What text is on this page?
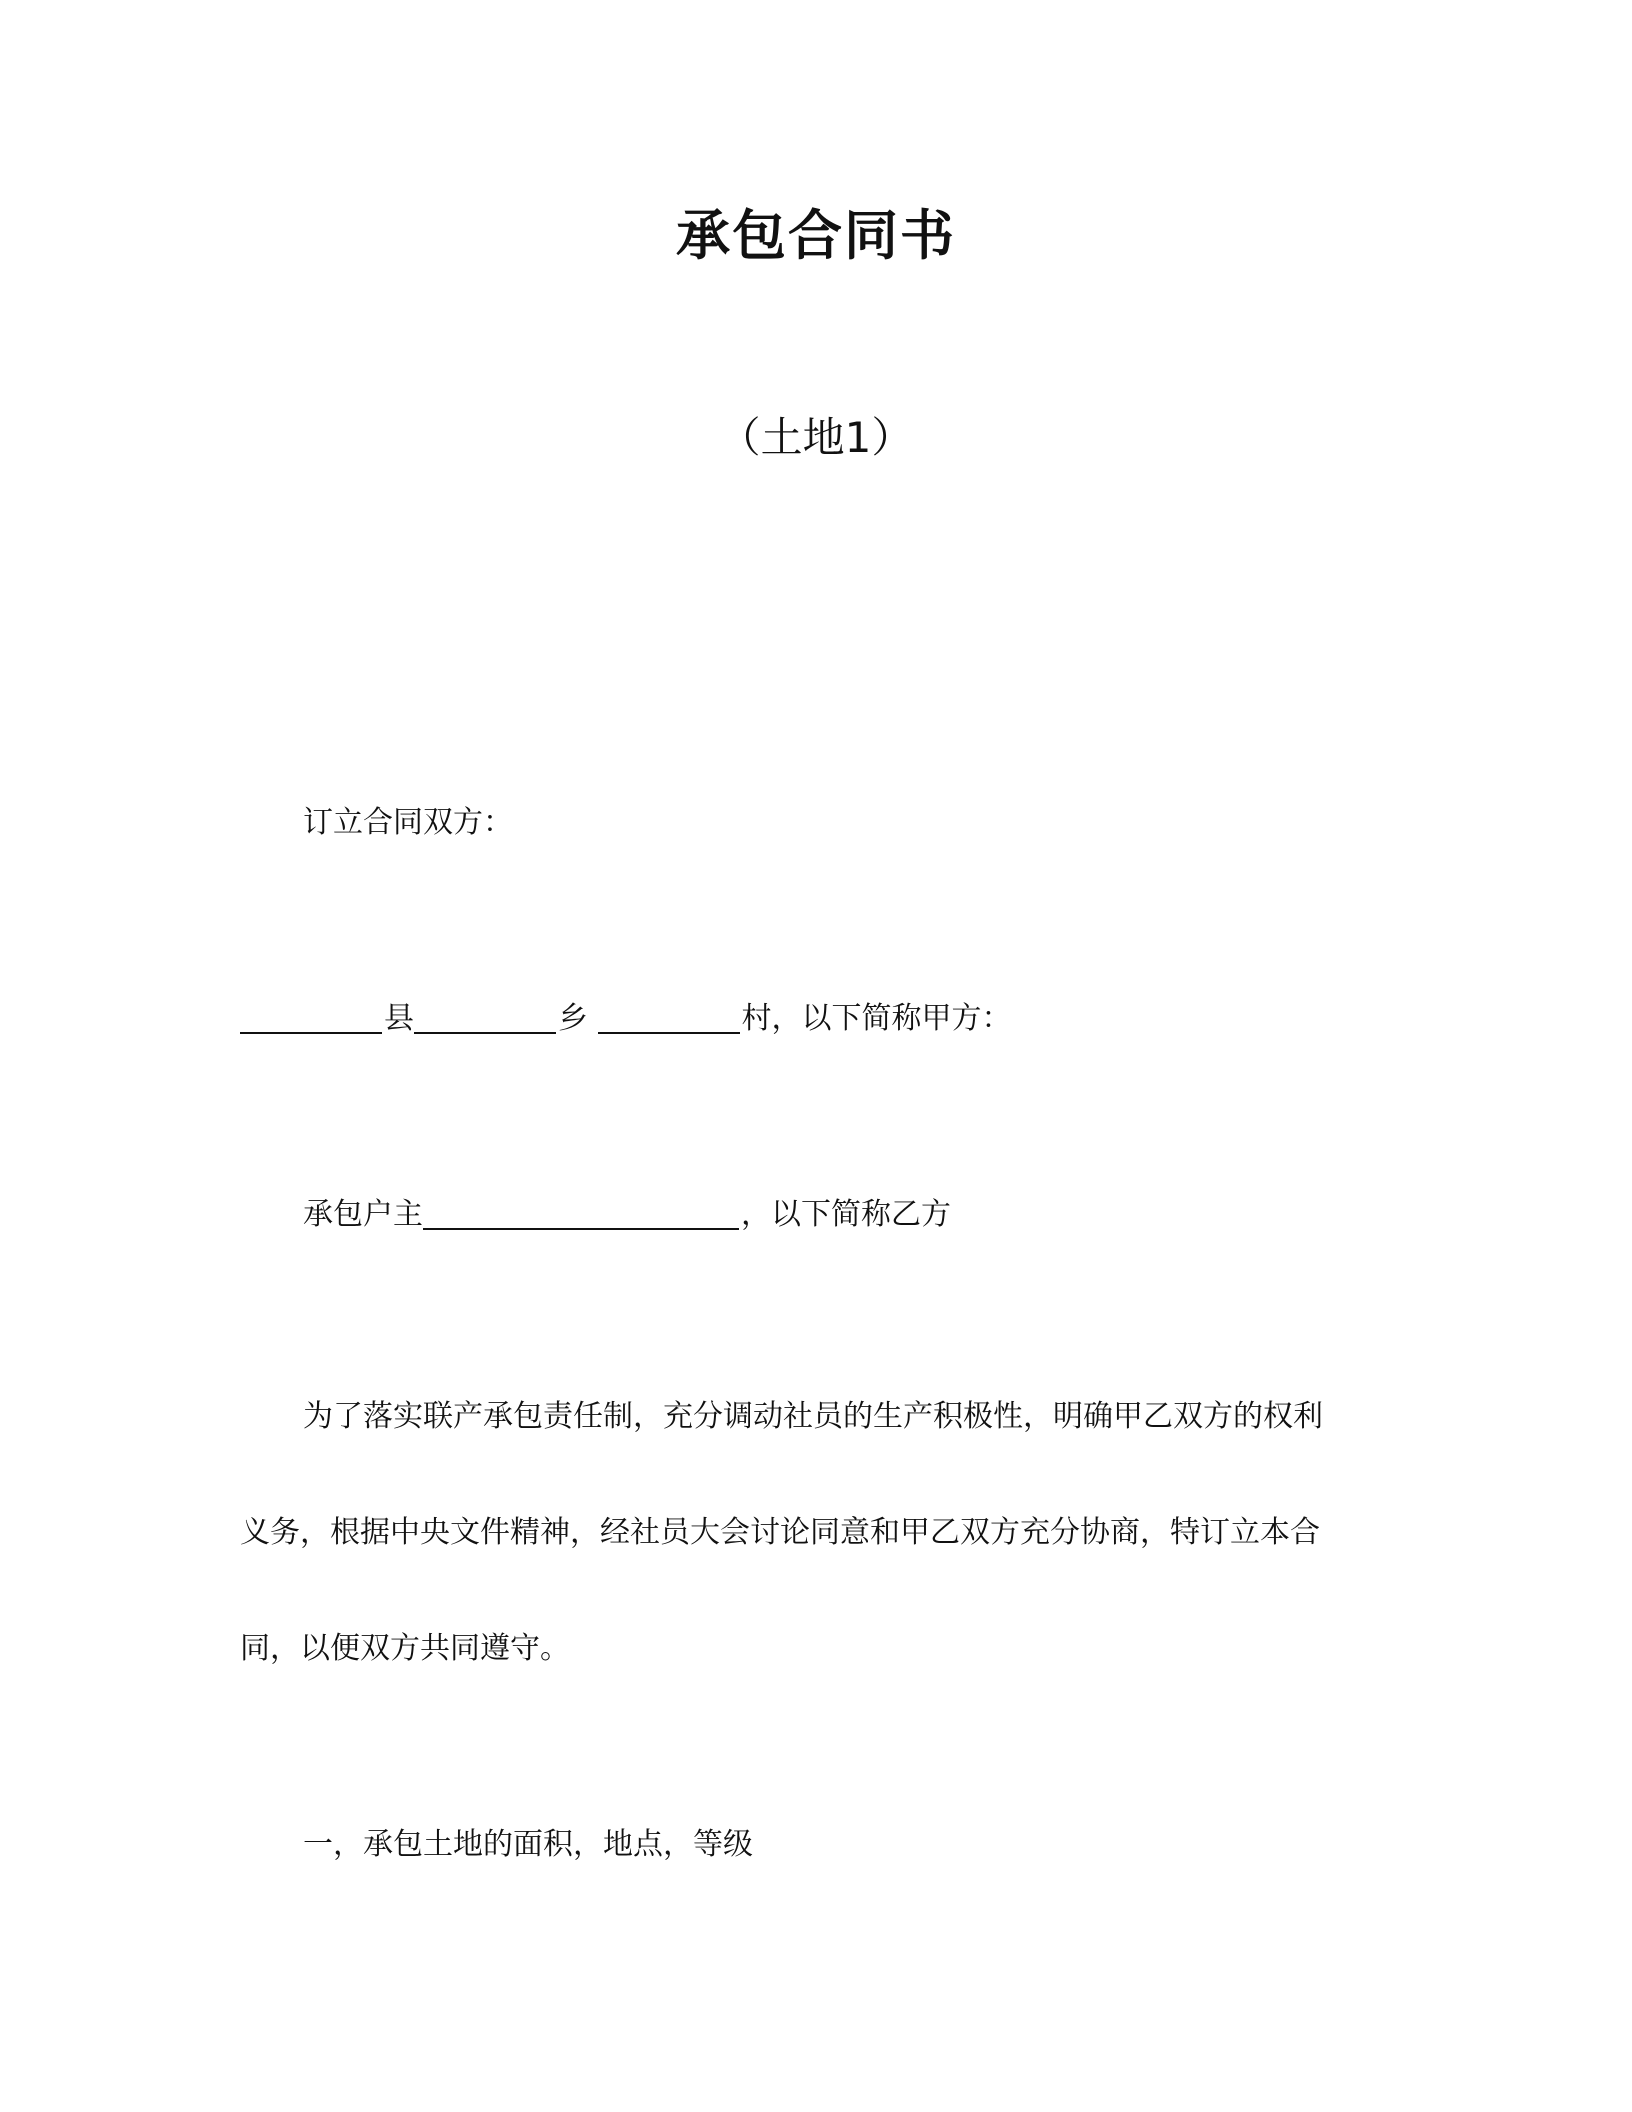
承包合同书
（土地1）
订立合同双方：
县	乡	村，以下简称甲方：
承包户主	，以下简称乙方
为了落实联产承包责任制，充分调动社员的生产积极性，明确甲乙双方的权利
义务，根据中央文件精神，经社员大会讨论同意和甲乙双方充分协商，特订立本合
同，以便双方共同遵守。
一，承包土地的面积，地点，等级
